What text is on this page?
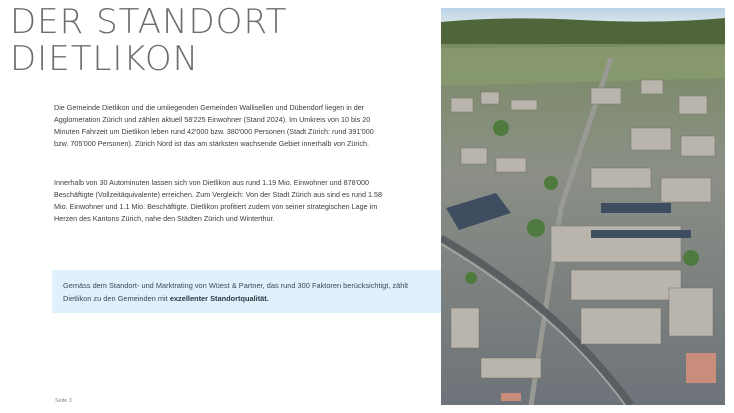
DER STANDORT
DIETLIKON

Die Gemeinde Dietlikon und die umliegenden Gemeinden Wallisellen und Dübendorf liegen in der Agglomeration Zürich und zählen aktuell 58'225 Einwohner (Stand 2024). Im Umkreis von 10 bis 20 Minuten Fahrzeit um Dietlikon leben rund 42'000 bzw. 380'000 Personen (Stadt Zürich: rund 391'000 bzw. 705'000 Personen). Zürich Nord ist das am stärksten wachsende Gebiet innerhalb von Zürich.

Innerhalb von 30 Autominuten lassen sich von Dietlikon aus rund 1.19 Mio. Einwohner und 878'000 Beschäftigte (Vollzeitäquivalente) erreichen. Zum Vergleich: Von der Stadt Zürich aus sind es rund 1.58 Mio. Einwohner und 1.1 Mio. Beschäftigte. Dietlikon profitiert zudem von seiner strategischen Lage im Herzen des Kantons Zürich, nahe den Städten Zürich und Winterthur.

Gemäss dem Standort- und Marktrating von Wüest & Partner, das rund 300 Faktoren berücksichtigt, zählt Dietlikon zu den Gemeinden mit exzellenter Standortqualität.

Seite 3
